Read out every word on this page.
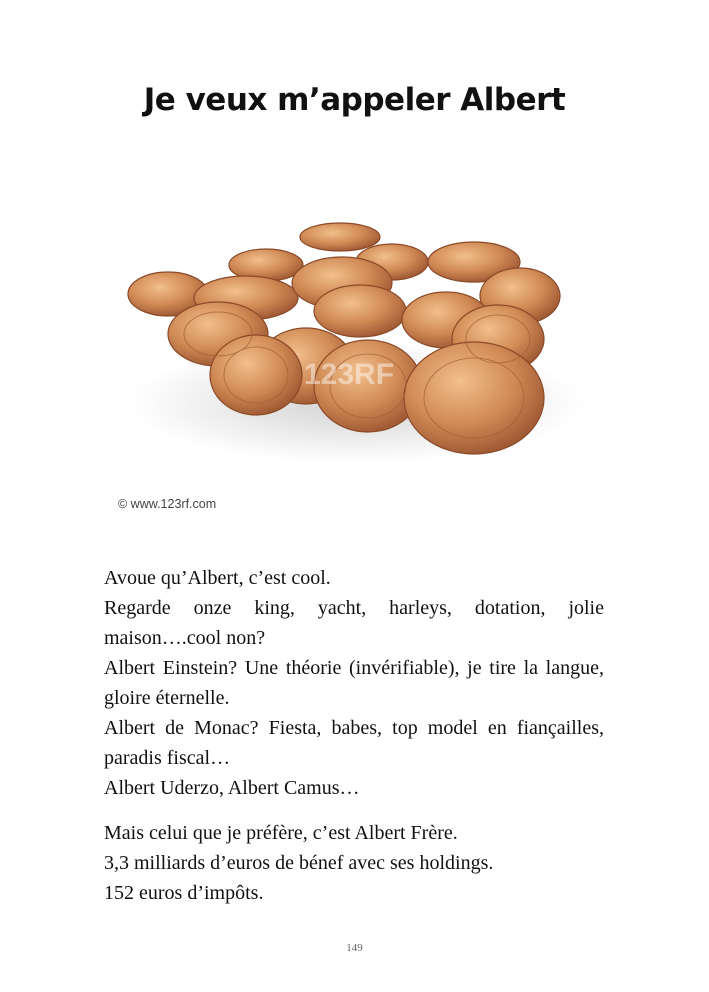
Je veux m’appeler Albert
123RF
© www.123rf.com
Avoue qu’Albert, c’est cool.
Regarde onze king, yacht, harleys, dotation, jolie maison….cool non?
Albert Einstein? Une théorie (invérifiable), je tire la langue, gloire éternelle.
Albert de Monac? Fiesta, babes, top model en fiançailles, paradis fiscal…
Albert Uderzo, Albert Camus…
Mais celui que je préfère, c’est Albert Frère.
3,3 milliards d’euros de bénef avec ses holdings.
152 euros d’impôts.
149
